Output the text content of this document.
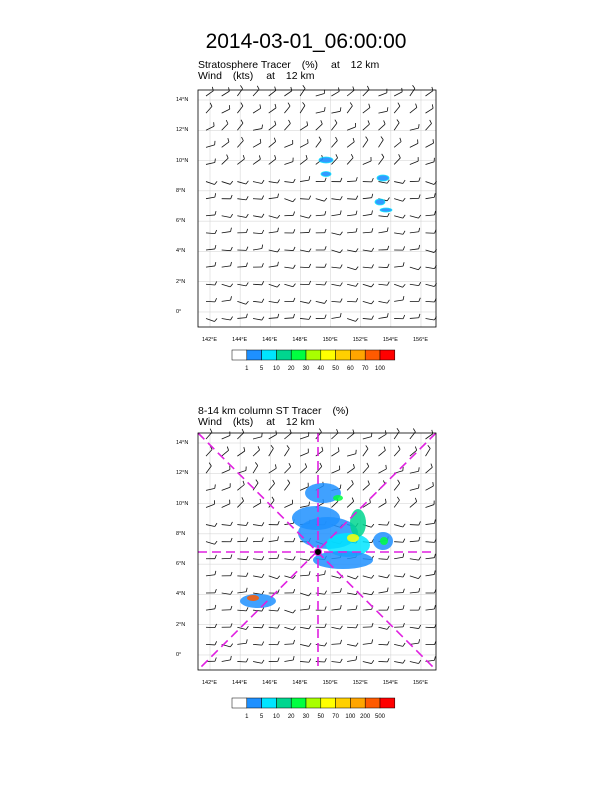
2014-03-01_06:00:00
Stratosphere Tracer (%) at 12 km
Wind (kts) at 12 km
8-14 km column ST Tracer (%)
Wind (kts) at 12 km
14°N
12°N
10°N
8°N
6°N
4°N
2°N
0°
142°E	144°E	146°E	148°E	150°E	152°E	154°E	156°E
1	5	10	20	30	40	50	60	70	100
14°N
12°N
10°N
8°N
6°N
4°N
2°N
0°
142°E	144°E	146°E	148°E	150°E	152°E	154°E	156°E
1	5	10	20	30	50	70	100 200 500
